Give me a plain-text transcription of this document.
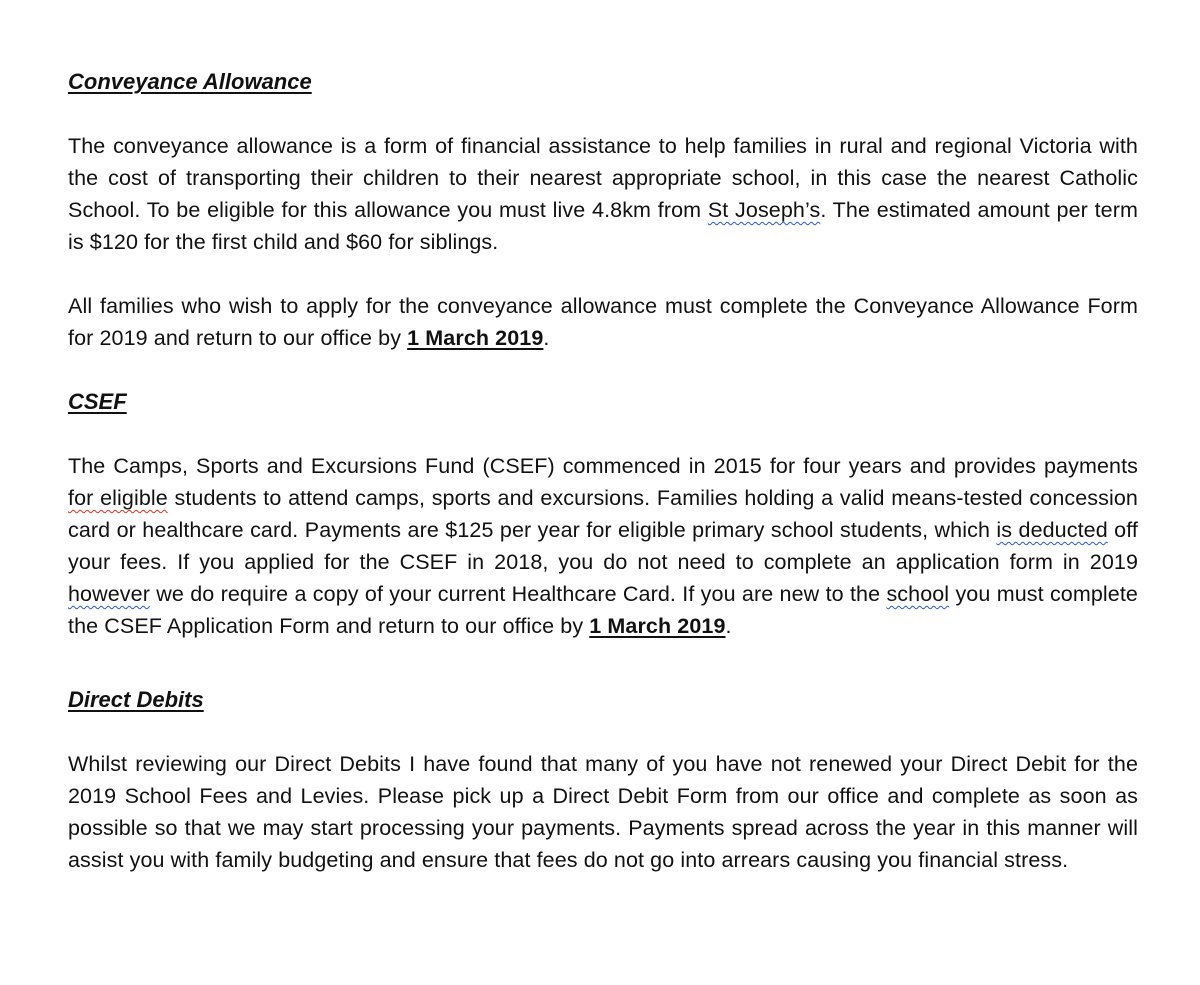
Conveyance Allowance

The conveyance allowance is a form of financial assistance to help families in rural and regional Victoria with the cost of transporting their children to their nearest appropriate school, in this case the nearest Catholic School. To be eligible for this allowance you must live 4.8km from St Joseph’s. The estimated amount per term is $120 for the first child and $60 for siblings.

All families who wish to apply for the conveyance allowance must complete the Conveyance Allowance Form for 2019 and return to our office by 1 March 2019.

CSEF

The Camps, Sports and Excursions Fund (CSEF) commenced in 2015 for four years and provides payments for eligible students to attend camps, sports and excursions. Families holding a valid means-tested concession card or healthcare card. Payments are $125 per year for eligible primary school students, which is deducted off your fees. If you applied for the CSEF in 2018, you do not need to complete an application form in 2019 however we do require a copy of your current Healthcare Card. If you are new to the school you must complete the CSEF Application Form and return to our office by 1 March 2019.

Direct Debits

Whilst reviewing our Direct Debits I have found that many of you have not renewed your Direct Debit for the 2019 School Fees and Levies. Please pick up a Direct Debit Form from our office and complete as soon as possible so that we may start processing your payments. Payments spread across the year in this manner will assist you with family budgeting and ensure that fees do not go into arrears causing you financial stress.
